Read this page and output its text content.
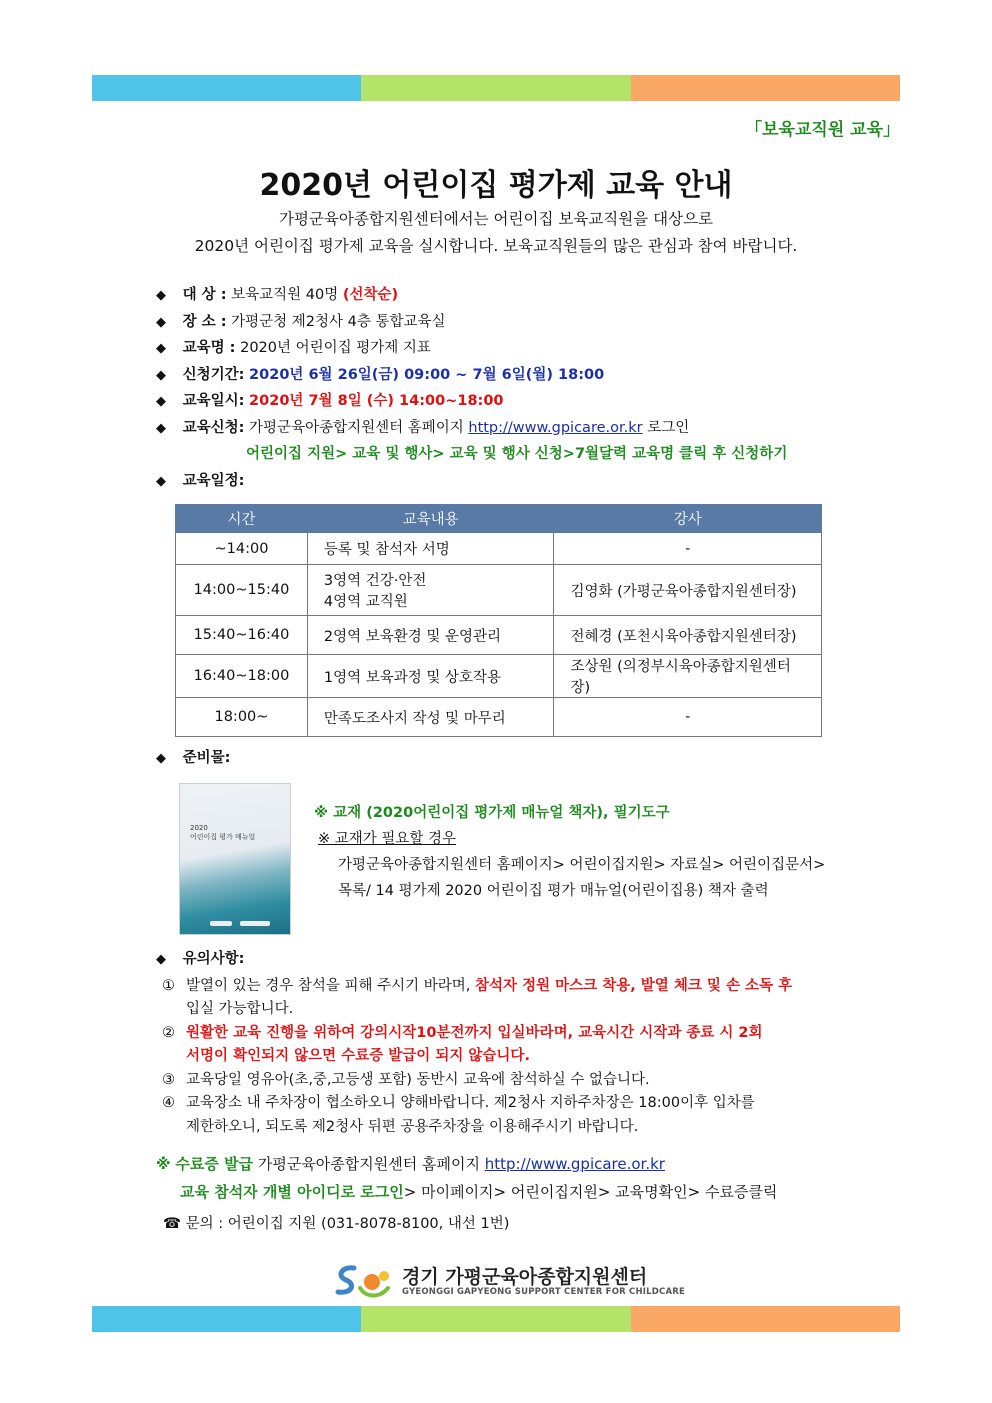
「보육교직원 교육」
2020년 어린이집 평가제 교육 안내
가평군육아종합지원센터에서는 어린이집 보육교직원을 대상으로
2020년 어린이집 평가제 교육을 실시합니다. 보육교직원들의 많은 관심과 참여 바랍니다.
◆ 대 상 : 보육교직원 40명 (선착순)
◆ 장 소 : 가평군청 제2청사 4층 통합교육실
◆ 교육명 : 2020년 어린이집 평가제 지표
◆ 신청기간: 2020년 6월 26일(금) 09:00 ~ 7월 6일(월) 18:00
◆ 교육일시: 2020년 7월 8일 (수) 14:00~18:00
◆ 교육신청: 가평군육아종합지원센터 홈페이지 http://www.gpicare.or.kr 로그인
어린이집 지원> 교육 및 행사> 교육 및 행사 신청>7월달력 교육명 클릭 후 신청하기
◆ 교육일정:
시간	교육내용	강사
~14:00	등록 및 참석자 서명	-
14:00~15:40	3영역 건강·안전
4영역 교직원	김영화 (가평군육아종합지원센터장)
15:40~16:40	2영역 보육환경 및 운영관리	전혜경 (포천시육아종합지원센터장)
16:40~18:00	1영역 보육과정 및 상호작용	조상원 (의정부시육아종합지원센터장)
18:00~	만족도조사지 작성 및 마무리	-
◆ 준비물:
2020
어린이집 평가 매뉴얼
※ 교재 (2020어린이집 평가제 매뉴얼 책자), 필기도구
※ 교재가 필요할 경우
가평군육아종합지원센터 홈페이지> 어린이집지원> 자료실> 어린이집문서>
목록/ 14 평가제 2020 어린이집 평가 매뉴얼(어린이집용) 책자 출력
◆ 유의사항:
① 발열이 있는 경우 참석을 피해 주시기 바라며, 참석자 정원 마스크 착용, 발열 체크 및 손 소독 후
입실 가능합니다.
② 원활한 교육 진행을 위하여 강의시작10분전까지 입실바라며, 교육시간 시작과 종료 시 2회
서명이 확인되지 않으면 수료증 발급이 되지 않습니다.
③ 교육당일 영유아(초,중,고등생 포함) 동반시 교육에 참석하실 수 없습니다.
④ 교육장소 내 주차장이 협소하오니 양해바랍니다. 제2청사 지하주차장은 18:00이후 입차를
제한하오니, 되도록 제2청사 뒤편 공용주차장을 이용해주시기 바랍니다.
※ 수료증 발급 가평군육아종합지원센터 홈페이지 http://www.gpicare.or.kr
교육 참석자 개별 아이디로 로그인> 마이페이지> 어린이집지원> 교육명확인> 수료증클릭
☎ 문의 : 어린이집 지원 (031-8078-8100, 내선 1번)
경기 가평군육아종합지원센터
GYEONGGI GAPYEONG SUPPORT CENTER FOR CHILDCARE
